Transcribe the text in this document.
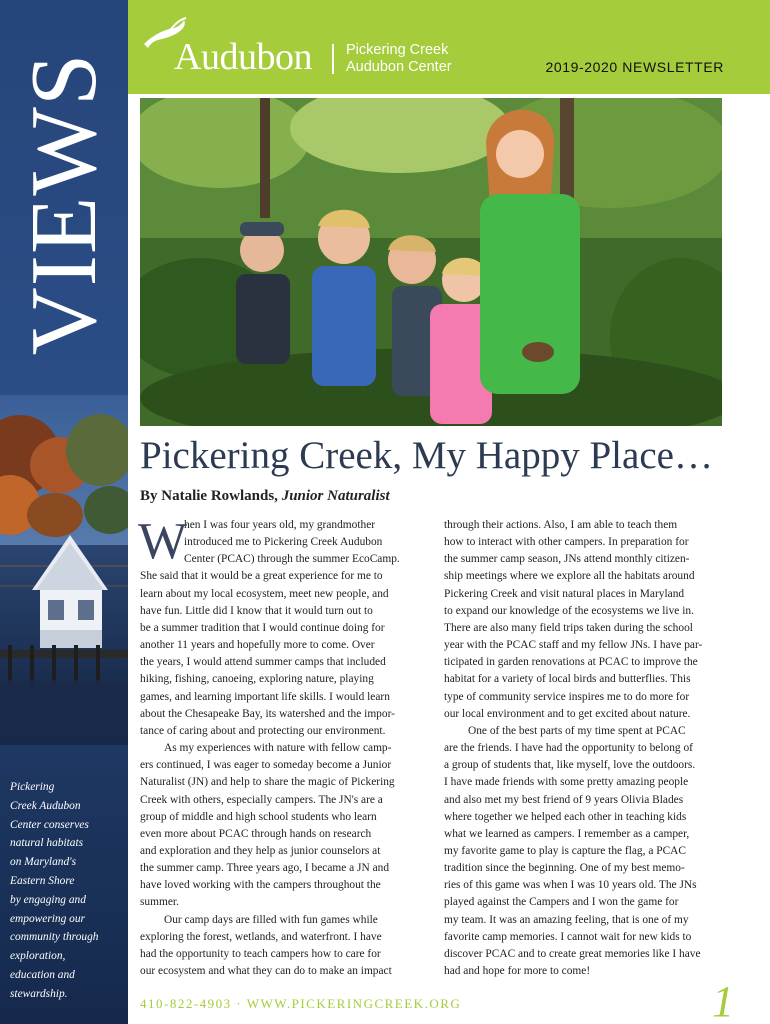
VIEWS
Pickering
Creek Audubon
Center conserves
natural habitats
on Maryland's
Eastern Shore
by engaging and
empowering our
community through
exploration,
education and
stewardship.
Audubon Pickering Creek
Audubon Center	2019-2020 NEWSLETTER
Pickering Creek, My Happy Place…
By Natalie Rowlands, Junior Naturalist
W
hen I was four years old, my grandmother
introduced me to Pickering Creek Audubon
Center (PCAC) through the summer EcoCamp.
She said that it would be a great experience for me to
learn about my local ecosystem, meet new people, and
have fun. Little did I know that it would turn out to
be a summer tradition that I would continue doing for
another 11 years and hopefully more to come. Over
the years, I would attend summer camps that included
hiking, fishing, canoeing, exploring nature, playing
games, and learning important life skills. I would learn
about the Chesapeake Bay, its watershed and the impor-
tance of caring about and protecting our environment.
As my experiences with nature with fellow camp-
ers continued, I was eager to someday become a Junior
Naturalist (JN) and help to share the magic of Pickering
Creek with others, especially campers. The JN's are a
group of middle and high school students who learn
even more about PCAC through hands on research
and exploration and they help as junior counselors at
the summer camp. Three years ago, I became a JN and
have loved working with the campers throughout the
summer.
Our camp days are filled with fun games while
exploring the forest, wetlands, and waterfront. I have
had the opportunity to teach campers how to care for
our ecosystem and what they can do to make an impact
through their actions. Also, I am able to teach them
how to interact with other campers. In preparation for
the summer camp season, JNs attend monthly citizen-
ship meetings where we explore all the habitats around
Pickering Creek and visit natural places in Maryland
to expand our knowledge of the ecosystems we live in.
There are also many field trips taken during the school
year with the PCAC staff and my fellow JNs. I have par-
ticipated in garden renovations at PCAC to improve the
habitat for a variety of local birds and butterflies. This
type of community service inspires me to do more for
our local environment and to get excited about nature.
One of the best parts of my time spent at PCAC
are the friends. I have had the opportunity to belong of
a group of students that, like myself, love the outdoors.
I have made friends with some pretty amazing people
and also met my best friend of 9 years Olivia Blades
where together we helped each other in teaching kids
what we learned as campers. I remember as a camper,
my favorite game to play is capture the flag, a PCAC
tradition since the beginning. One of my best memo-
ries of this game was when I was 10 years old. The JNs
played against the Campers and I won the game for
my team. It was an amazing feeling, that is one of my
favorite camp memories. I cannot wait for new kids to
discover PCAC and to create great memories like I have
had and hope for more to come!
410-822-4903 · WWW.PICKERINGCREEK.ORG	1
